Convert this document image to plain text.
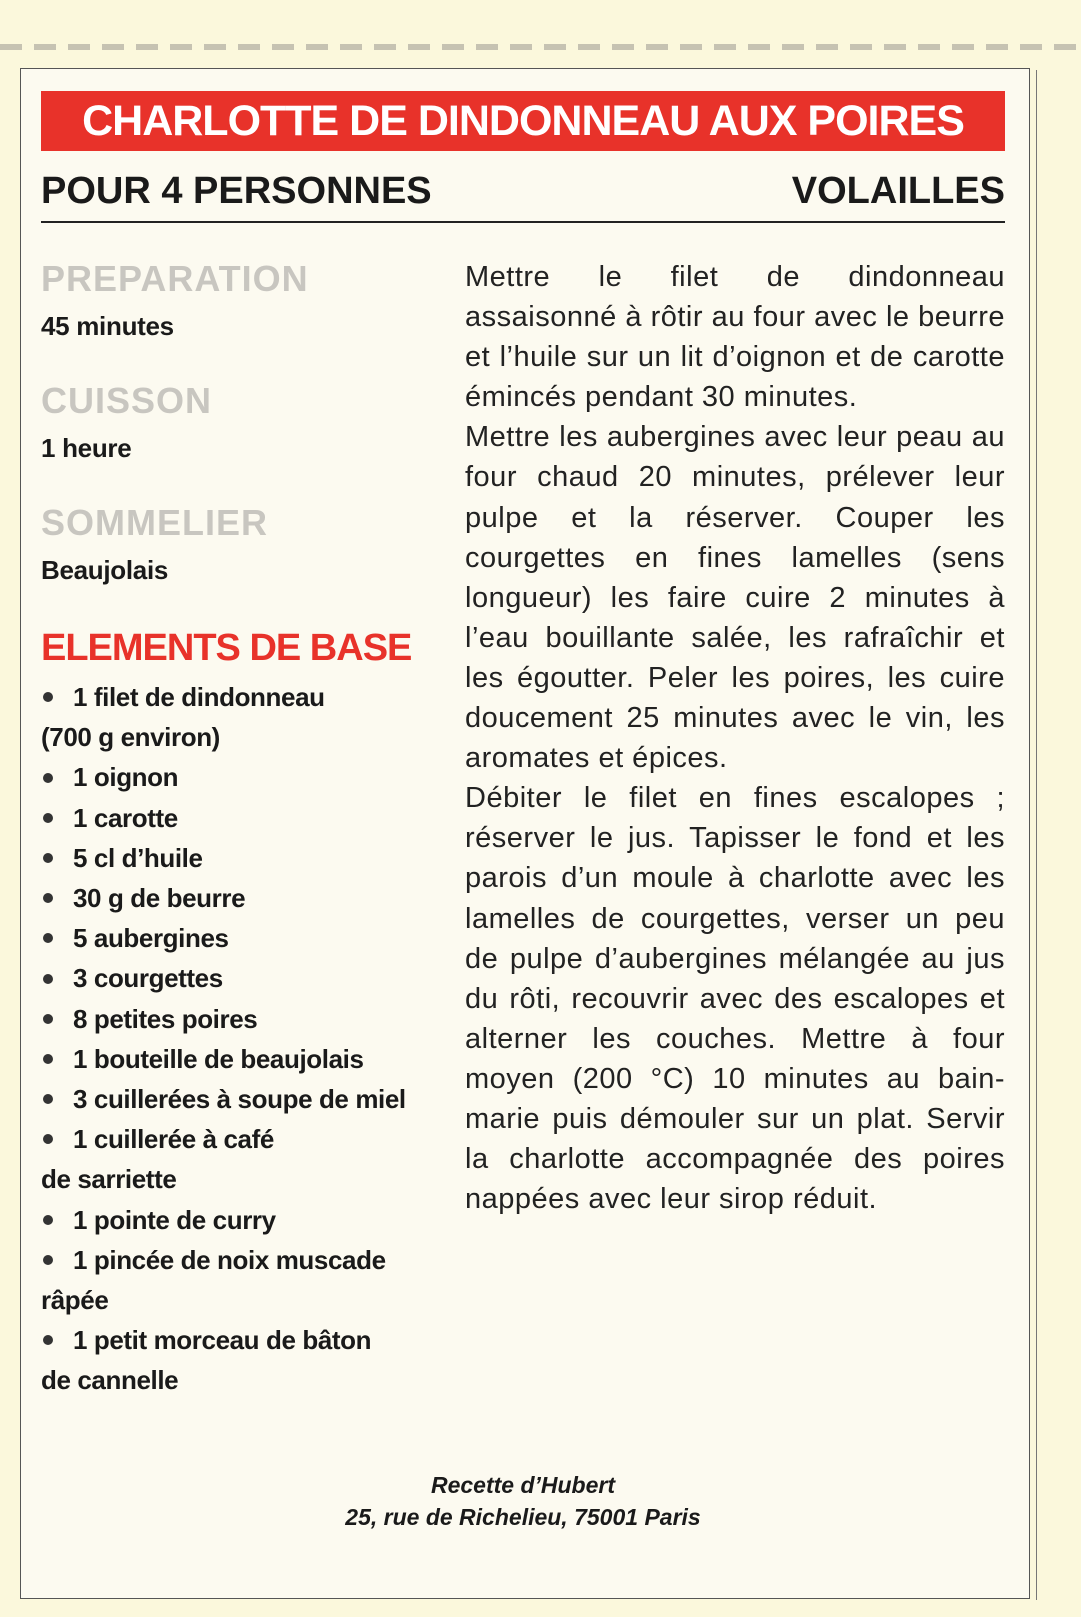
CHARLOTTE DE DINDONNEAU AUX POIRES
POUR 4 PERSONNES	VOLAILLES
PREPARATION
45 minutes
CUISSON
1 heure
SOMMELIER
Beaujolais
ELEMENTS DE BASE
1 filet de dindonneau
(700 g environ)
1 oignon
1 carotte
5 cl d’huile
30 g de beurre
5 aubergines
3 courgettes
8 petites poires
1 bouteille de beaujolais
3 cuillerées à soupe de miel
1 cuillerée à café
de sarriette
1 pointe de curry
1 pincée de noix muscade
râpée
1 petit morceau de bâton
de cannelle

Mettre le filet de dindonneau assaisonné à rôtir au four avec le beurre et l’huile sur un lit d’oignon et de carotte émincés pendant 30 minutes.

Mettre les aubergines avec leur peau au four chaud 20 minutes, prélever leur pulpe et la réserver. Couper les courgettes en fines lamelles (sens longueur) les faire cuire 2 minutes à l’eau bouillante salée, les rafraîchir et les égoutter. Peler les poires, les cuire doucement 25 minutes avec le vin, les aromates et épices.

Débiter le filet en fines escalopes ; réserver le jus. Tapisser le fond et les parois d’un moule à charlotte avec les lamelles de courgettes, verser un peu de pulpe d’aubergines mélangée au jus du rôti, recouvrir avec des escalopes et alterner les couches. Mettre à four moyen (200 °C) 10 minutes au bain-marie puis démouler sur un plat. Servir la charlotte accompagnée des poires nappées avec leur sirop réduit.

Recette d’Hubert
25, rue de Richelieu, 75001 Paris
